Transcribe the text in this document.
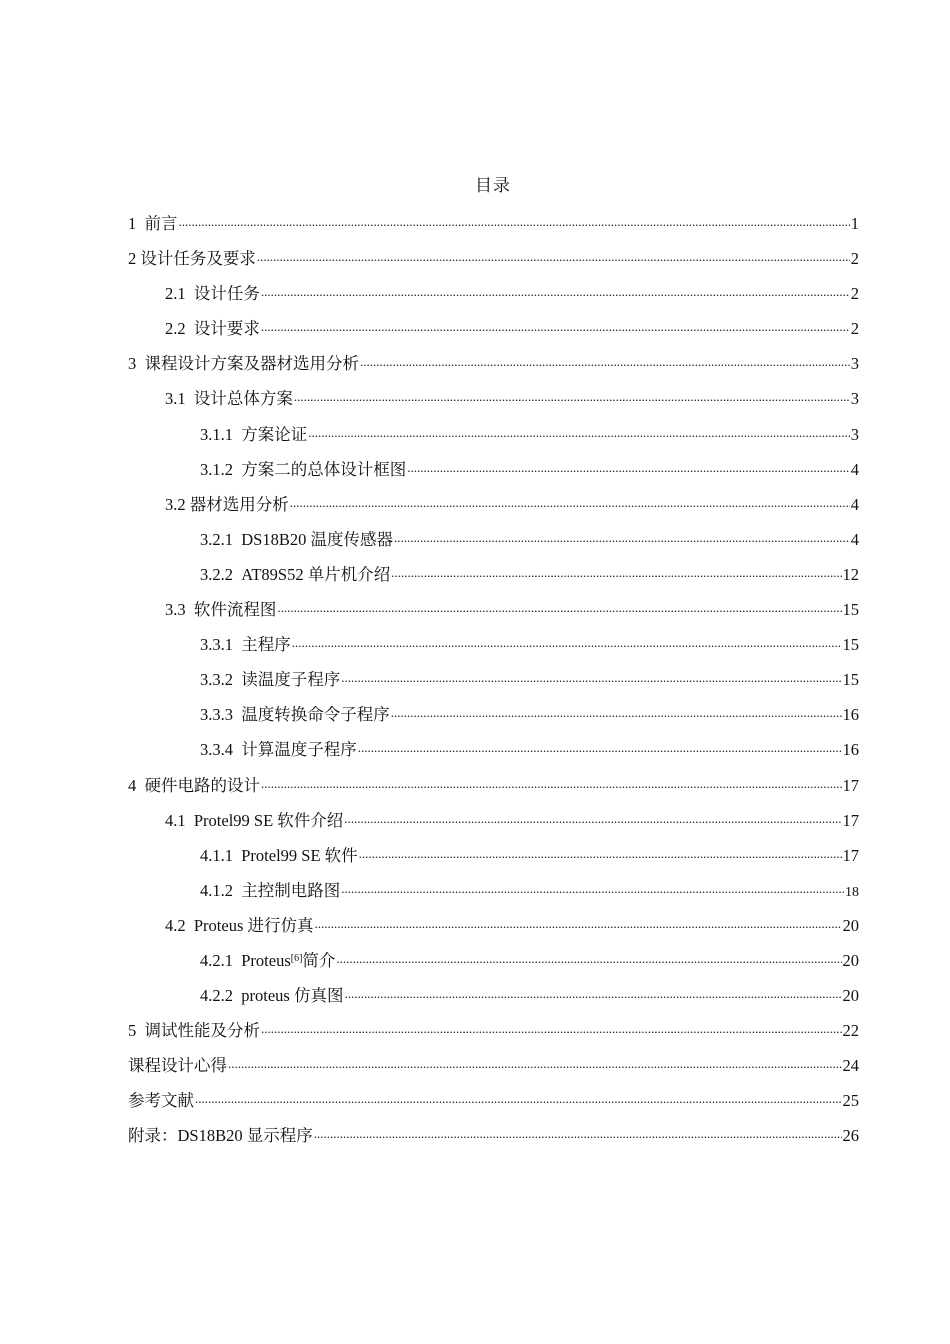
目录
1 前言 .....	1
2 设计任务及要求 .....	2
2.1 设计任务 .....	2
2.2 设计要求 .....	2
3 课程设计方案及器材选用分析 .....	3
3.1 设计总体方案 .....	3
3.1.1 方案论证 .....	3
3.1.2 方案二的总体设计框图 .....	4
3.2 器材选用分析 .....	4
3.2.1 DS18B20 温度传感器 .....	4
3.2.2 AT89S52 单片机介绍 .....	12
3.3 软件流程图 .....	15
3.3.1 主程序 .....	15
3.3.2 读温度子程序 .....	15
3.3.3 温度转换命令子程序 .....	16
3.3.4 计算温度子程序 .....	16
4 硬件电路的设计 .....	17
4.1 Protel99 SE 软件介绍 .....	17
4.1.1 Protel99 SE 软件 .....	17
4.1.2 主控制电路图 .....	18
4.2 Proteus 进行仿真 .....	20
4.2.1 Proteus[6]简介 .....	20
4.2.2 proteus 仿真图 .....	20
5 调试性能及分析 .....	22
课程设计心得 .....	24
参考文献 .....	25
附录：DS18B20 显示程序 .....	26
